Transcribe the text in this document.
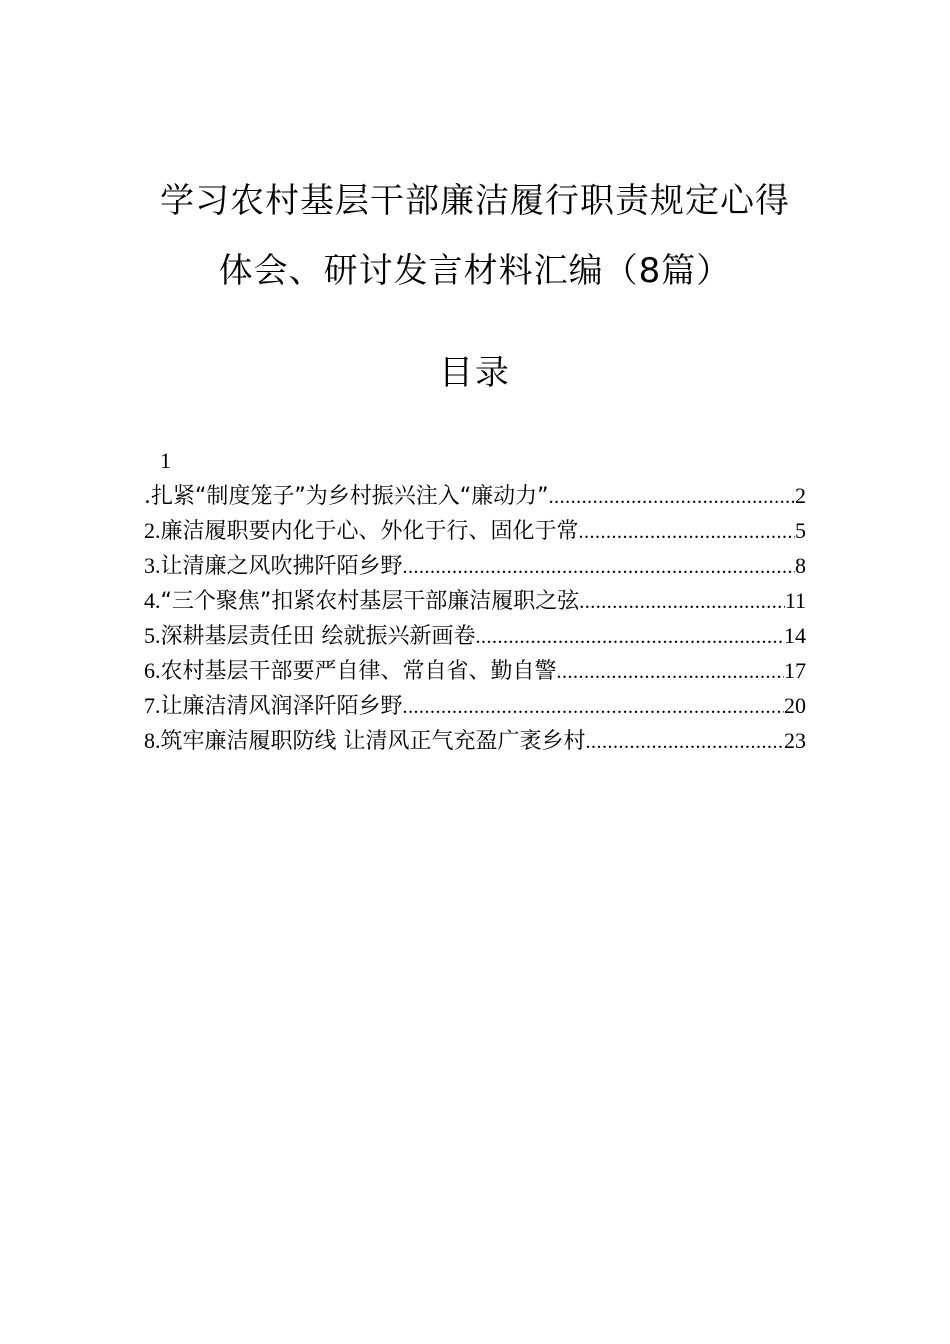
学习农村基层干部廉洁履行职责规定心得
体会、研讨发言材料汇编（8篇）
目录
1
.扎紧“制度笼子”为乡村振兴注入“廉动力” .....	2
2.廉洁履职要内化于心、外化于行、固化于常 .....	5
3.让清廉之风吹拂阡陌乡野 .....	8
4.“三个聚焦”扣紧农村基层干部廉洁履职之弦 .....	11
5.深耕基层责任田 绘就振兴新画卷 .....	14
6.农村基层干部要严自律、常自省、勤自警 .....	17
7.让廉洁清风润泽阡陌乡野 .....	20
8.筑牢廉洁履职防线 让清风正气充盈广袤乡村 .....	23
